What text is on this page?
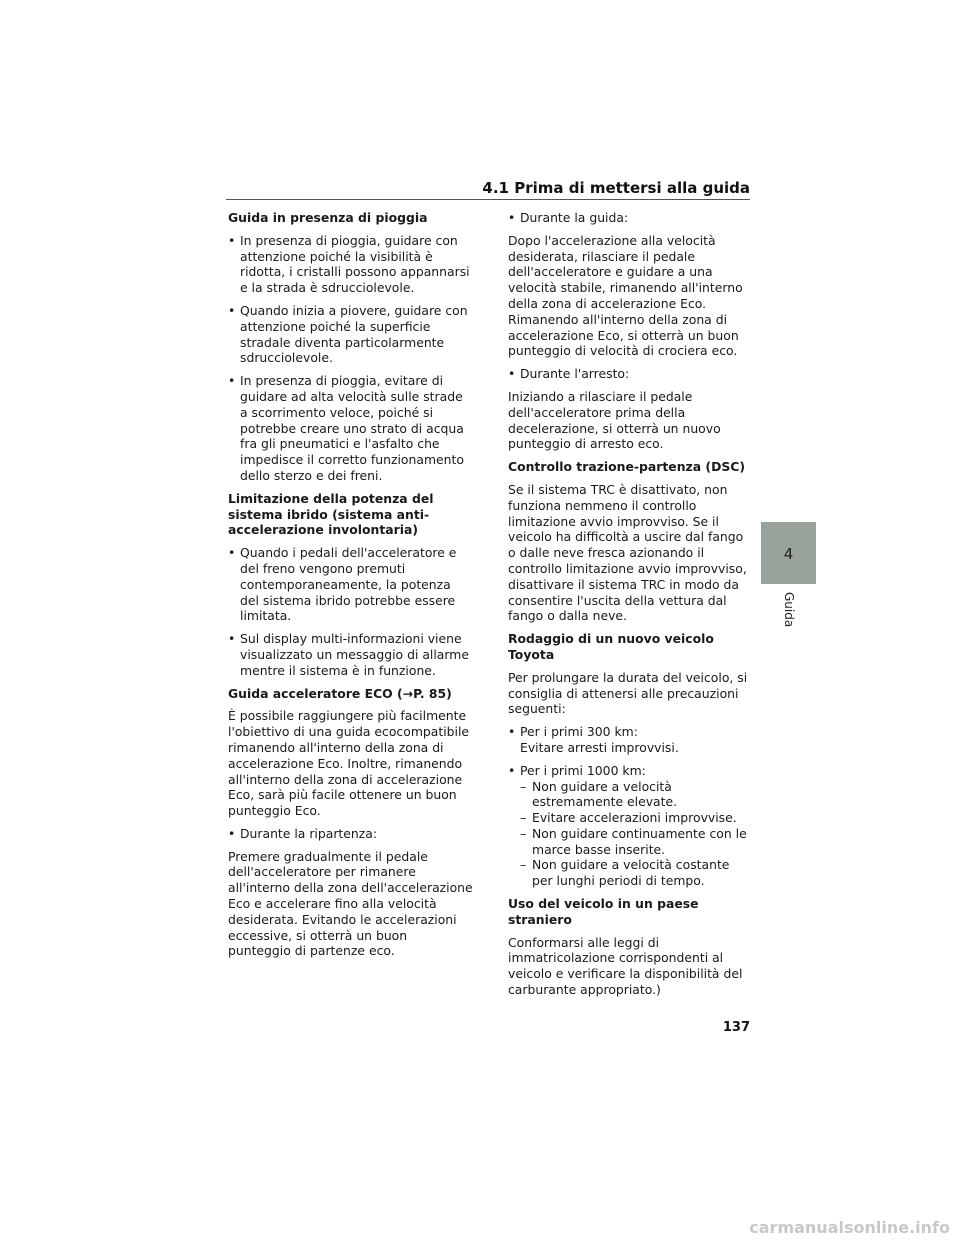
4.1 Prima di mettersi alla guida
Guida in presenza di pioggia
• In presenza di pioggia, guidare con attenzione poiché la visibilità è ridotta, i cristalli possono appannarsi e la strada è sdrucciolevole.
• Quando inizia a piovere, guidare con attenzione poiché la superficie stradale diventa particolarmente sdrucciolevole.
• In presenza di pioggia, evitare di guidare ad alta velocità sulle strade a scorrimento veloce, poiché si potrebbe creare uno strato di acqua fra gli pneumatici e l'asfalto che impedisce il corretto funzionamento dello sterzo e dei freni.
Limitazione della potenza del sistema ibrido (sistema anti-accelerazione involontaria)
• Quando i pedali dell'acceleratore e del freno vengono premuti contemporaneamente, la potenza del sistema ibrido potrebbe essere limitata.
• Sul display multi-informazioni viene visualizzato un messaggio di allarme mentre il sistema è in funzione.
Guida acceleratore ECO (→P. 85)

È possibile raggiungere più facilmente l'obiettivo di una guida ecocompatibile rimanendo all'interno della zona di accelerazione Eco. Inoltre, rimanendo all'interno della zona di accelerazione Eco, sarà più facile ottenere un buon punteggio Eco.

• Durante la ripartenza:

Premere gradualmente il pedale dell'acceleratore per rimanere all'interno della zona dell'accelerazione Eco e accelerare fino alla velocità desiderata. Evitando le accelerazioni eccessive, si otterrà un buon punteggio di partenze eco.

• Durante la guida:

Dopo l'accelerazione alla velocità desiderata, rilasciare il pedale dell'acceleratore e guidare a una velocità stabile, rimanendo all'interno della zona di accelerazione Eco. Rimanendo all'interno della zona di accelerazione Eco, si otterrà un buon punteggio di velocità di crociera eco.

• Durante l'arresto:

Iniziando a rilasciare il pedale dell'acceleratore prima della decelerazione, si otterrà un nuovo punteggio di arresto eco.

Controllo trazione-partenza (DSC)

Se il sistema TRC è disattivato, non funziona nemmeno il controllo limitazione avvio improvviso. Se il veicolo ha difficoltà a uscire dal fango o dalle neve fresca azionando il controllo limitazione avvio improvviso, disattivare il sistema TRC in modo da consentire l'uscita della vettura dal fango o dalla neve.

Rodaggio di un nuovo veicolo Toyota

Per prolungare la durata del veicolo, si consiglia di attenersi alle precauzioni seguenti:

• Per i primi 300 km:

Evitare arresti improvvisi.

• Per i primi 1000 km:
– Non guidare a velocità estremamente elevate.
– Evitare accelerazioni improvvise.
– Non guidare continuamente con le marce basse inserite.
– Non guidare a velocità costante per lunghi periodi di tempo.
Uso del veicolo in un paese straniero

Conformarsi alle leggi di immatricolazione corrispondenti al veicolo e verificare la disponibilità del carburante appropriato.)

4
Guida
137
carmanualsonline.info
